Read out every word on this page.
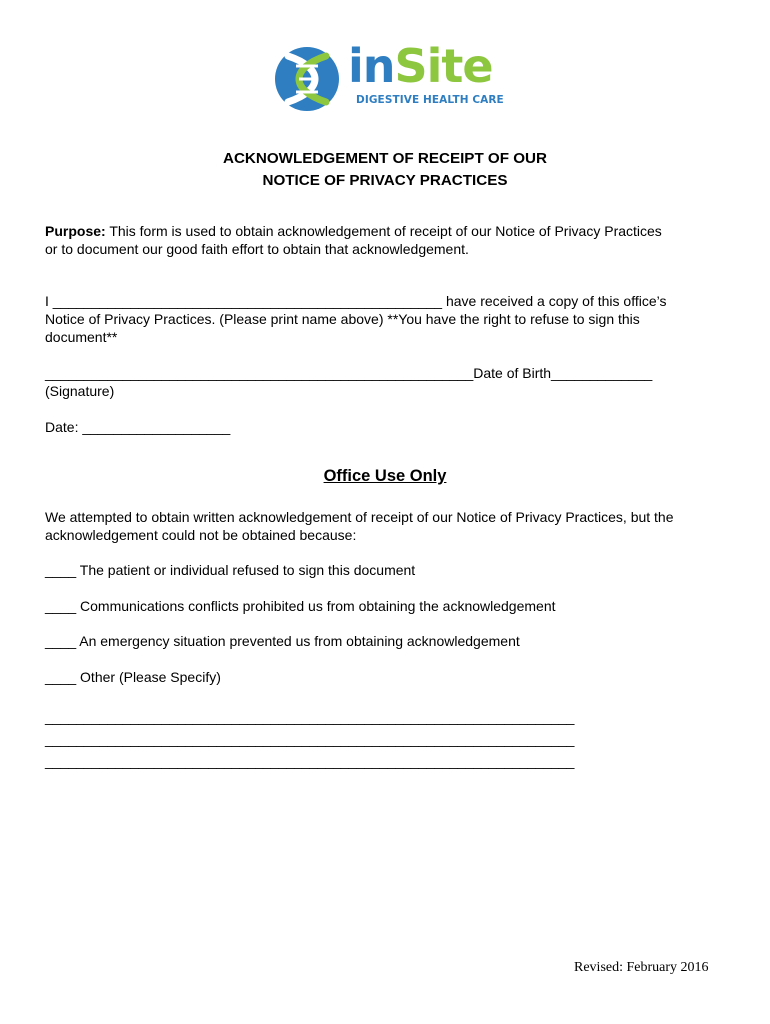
inSite
DIGESTIVE HEALTH CARE
ACKNOWLEDGEMENT OF RECEIPT OF OUR
NOTICE OF PRIVACY PRACTICES
Purpose: This form is used to obtain acknowledgement of receipt of our Notice of Privacy Practices
or to document our good faith effort to obtain that acknowledgement.
I __________________________________________________ have received a copy of this office’s
Notice of Privacy Practices. (Please print name above) **You have the right to refuse to sign this
document**
_______________________________________________________Date of Birth_____________
(Signature)
Date: ___________________
Office Use Only
We attempted to obtain written acknowledgement of receipt of our Notice of Privacy Practices, but the
acknowledgement could not be obtained because:
____ The patient or individual refused to sign this document
____ Communications conflicts prohibited us from obtaining the acknowledgement
____ An emergency situation prevented us from obtaining acknowledgement
____ Other (Please Specify)
____________________________________________________________________
____________________________________________________________________
____________________________________________________________________
Revised: February 2016
